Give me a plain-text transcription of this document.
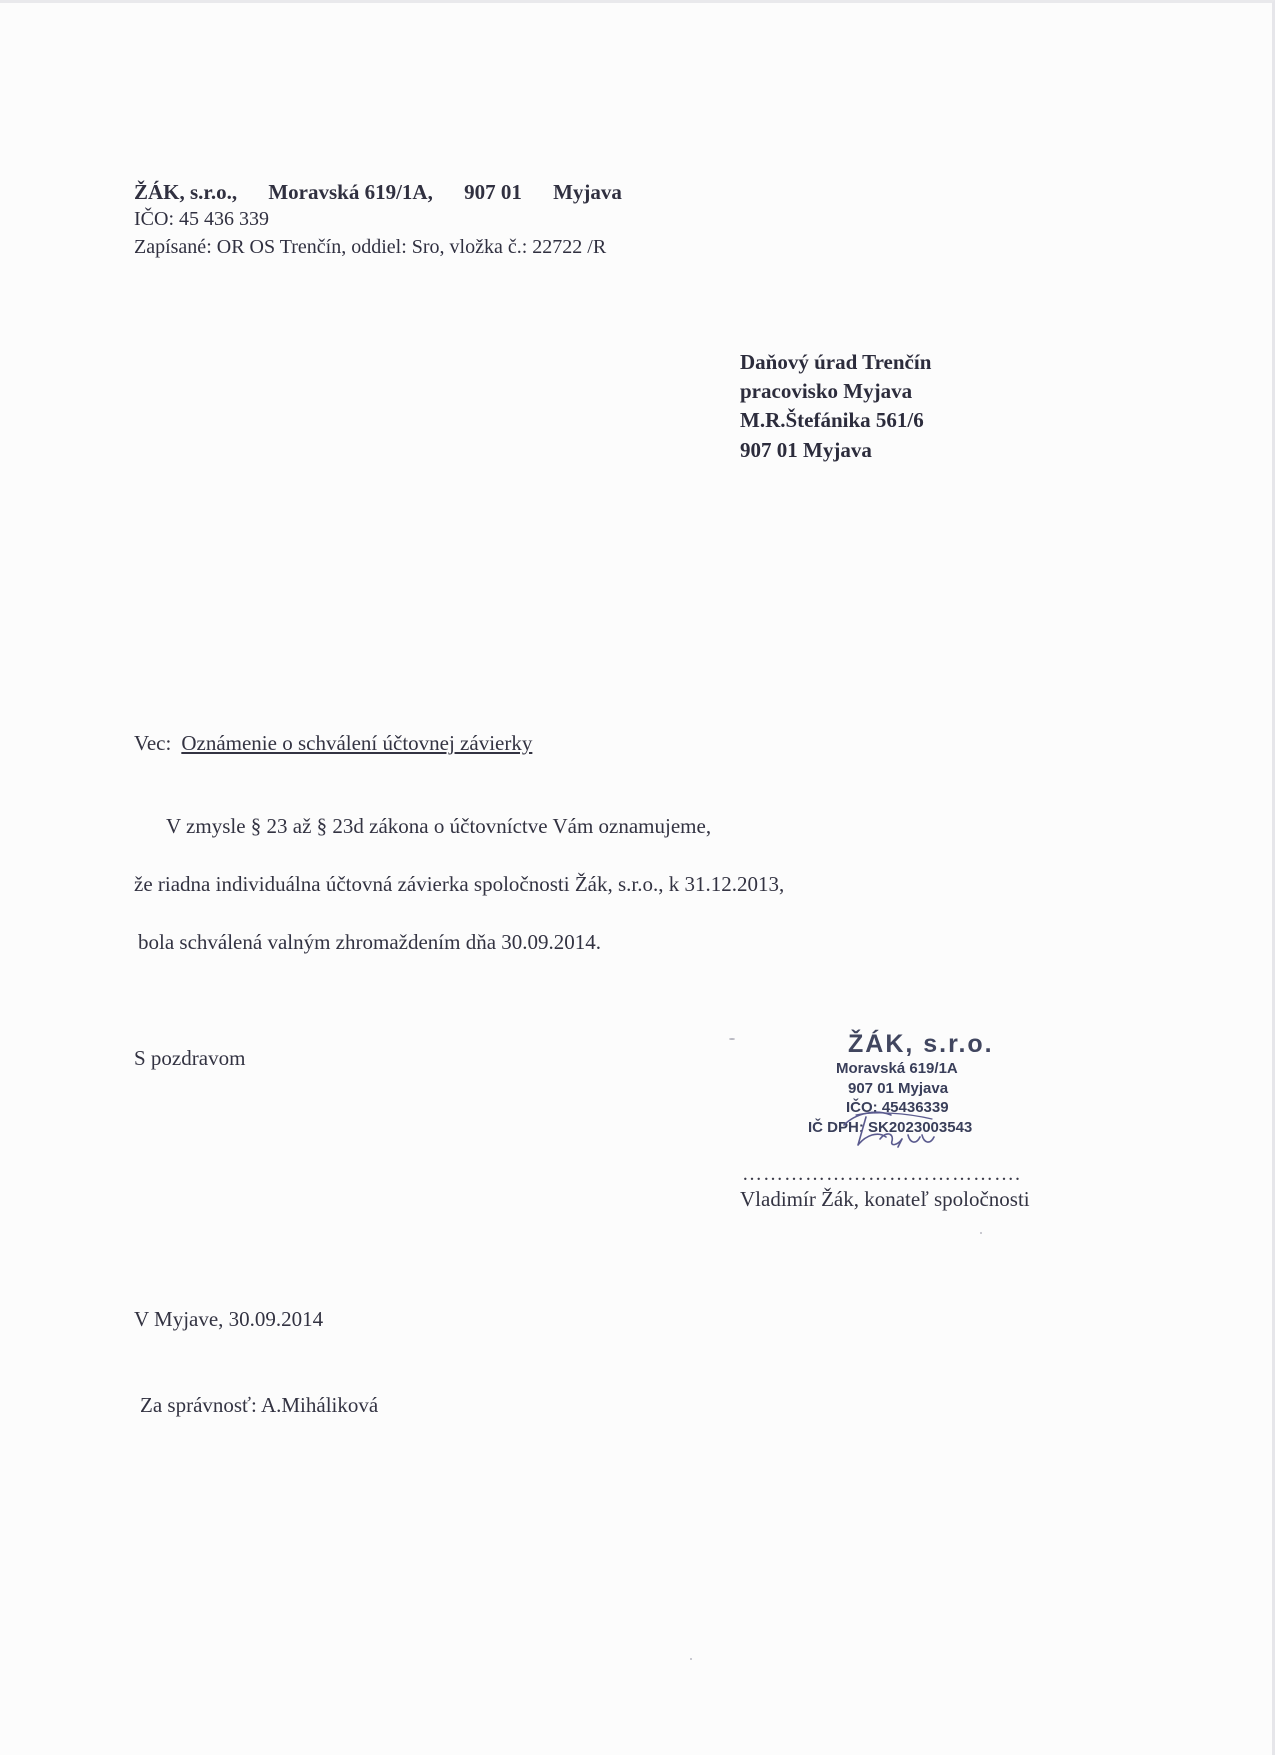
ŽÁK, s.r.o., Moravská 619/1A, 907 01 Myjava
IČO: 45 436 339
Zapísané: OR OS Trenčín, oddiel: Sro, vložka č.: 22722 /R
Daňový úrad Trenčín
pracovisko Myjava
M.R.Štefánika 561/6
907 01 Myjava
Vec: Oznámenie o schválení účtovnej závierky
V zmysle § 23 až § 23d zákona o účtovníctve Vám oznamujeme,
že riadna individuálna účtovná závierka spoločnosti Žák, s.r.o., k 31.12.2013,
bola schválená valným zhromaždením dňa 30.09.2014.
S pozdravom	ŽÁK, s.r.o.
Moravská 619/1A
907 01 Myjava
IČO: 45436339
IČ DPH: SK2023003543
………………………………….
Vladimír Žák, konateľ spoločnosti
V Myjave, 30.09.2014
Za správnosť: A.Miháliková
